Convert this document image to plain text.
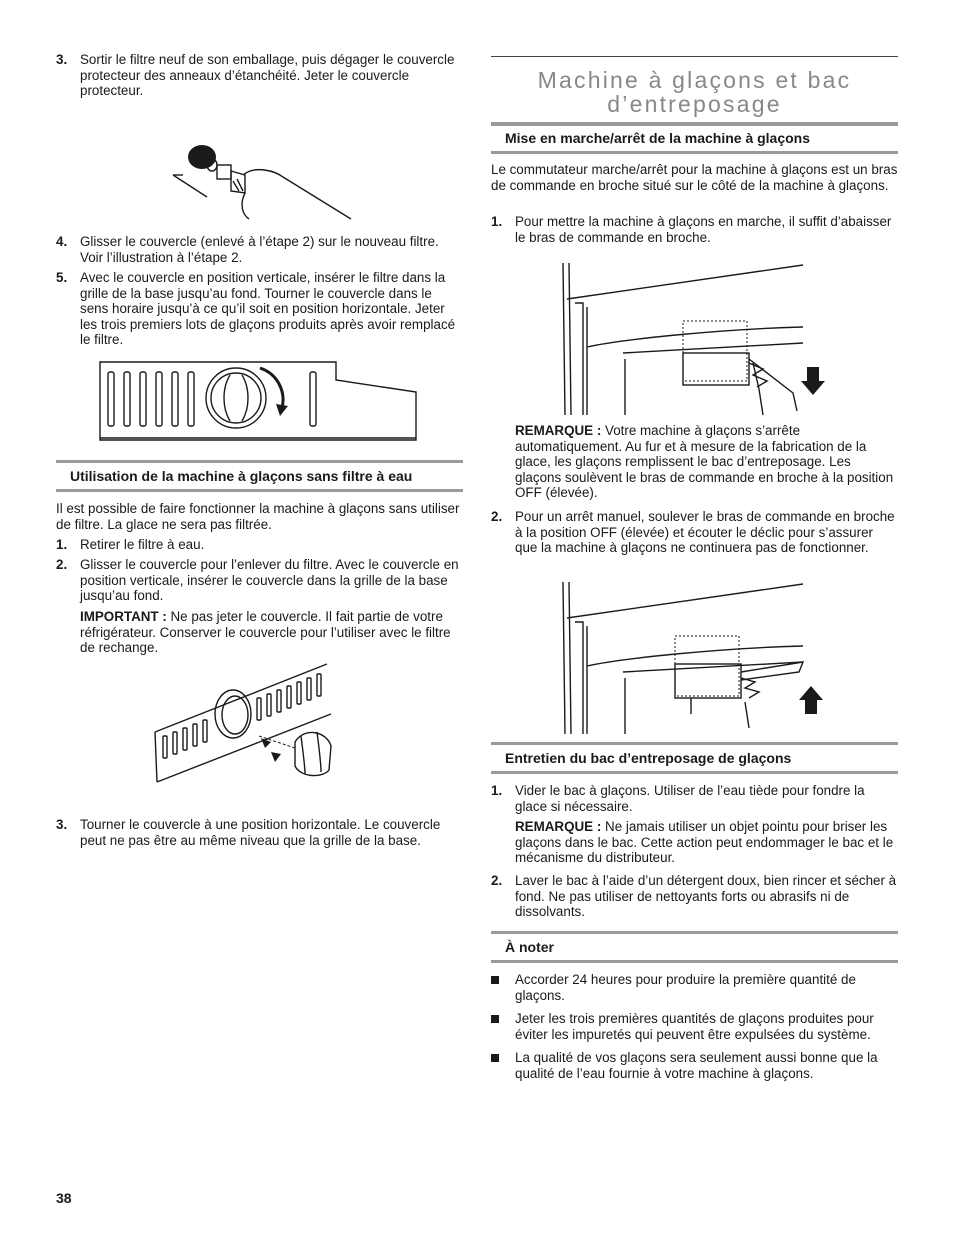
3. Sortir le filtre neuf de son emballage, puis dégager le couvercle protecteur des anneaux d’étanchéité. Jeter le couvercle protecteur.

4. Glisser le couvercle (enlevé à l’étape 2) sur le nouveau filtre. Voir l’illustration à l’étape 2.

5. Avec le couvercle en position verticale, insérer le filtre dans la grille de la base jusqu’au fond. Tourner le couvercle dans le sens horaire jusqu’à ce qu’il soit en position horizontale. Jeter les trois premiers lots de glaçons produits après avoir remplacé le filtre.

Utilisation de la machine à glaçons sans filtre à eau

Il est possible de faire fonctionner la machine à glaçons sans utiliser de filtre. La glace ne sera pas filtrée.

1. Retirer le filtre à eau.

2. Glisser le couvercle pour l’enlever du filtre. Avec le couvercle en position verticale, insérer le couvercle dans la grille de la base jusqu’au fond.

IMPORTANT : Ne pas jeter le couvercle. Il fait partie de votre réfrigérateur. Conserver le couvercle pour l’utiliser avec le filtre de rechange.

3. Tourner le couvercle à une position horizontale. Le couvercle peut ne pas être au même niveau que la grille de la base.

38
Machine à glaçons et bac d’entreposage
Mise en marche/arrêt de la machine à glaçons

Le commutateur marche/arrêt pour la machine à glaçons est un bras de commande en broche situé sur le côté de la machine à glaçons.

1. Pour mettre la machine à glaçons en marche, il suffit d’abaisser le bras de commande en broche.

REMARQUE : Votre machine à glaçons s’arrête automatiquement. Au fur et à mesure de la fabrication de la glace, les glaçons remplissent le bac d’entreposage. Les glaçons soulèvent le bras de commande en broche à la position OFF (élevée).

2. Pour un arrêt manuel, soulever le bras de commande en broche à la position OFF (élevée) et écouter le déclic pour s’assurer que la machine à glaçons ne continuera pas de fonctionner.

Entretien du bac d’entreposage de glaçons
1. Vider le bac à glaçons. Utiliser de l’eau tiède pour fondre la glace si nécessaire.

REMARQUE : Ne jamais utiliser un objet pointu pour briser les glaçons dans le bac. Cette action peut endommager le bac et le mécanisme du distributeur.

2. Laver le bac à l’aide d’un détergent doux, bien rincer et sécher à fond. Ne pas utiliser de nettoyants forts ou abrasifs ni de dissolvants.

À noter

Accorder 24 heures pour produire la première quantité de glaçons.

Jeter les trois premières quantités de glaçons produites pour éviter les impuretés qui peuvent être expulsées du système.

La qualité de vos glaçons sera seulement aussi bonne que la qualité de l’eau fournie à votre machine à glaçons.
